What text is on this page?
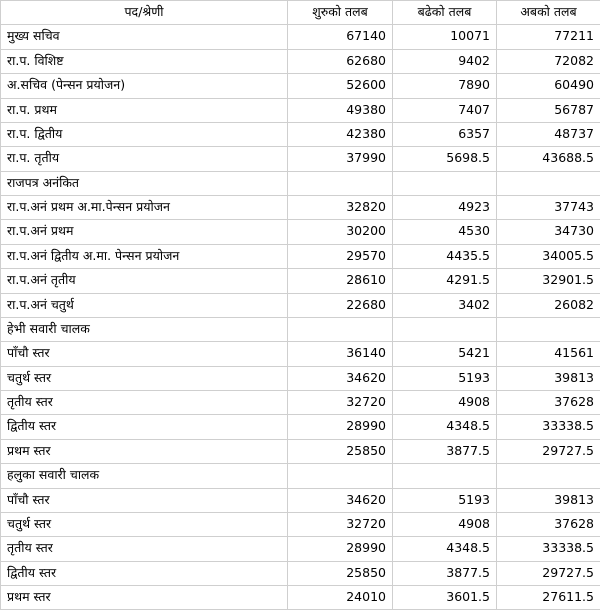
पद/श्रेणी	शुरुको तलब	बढेको तलब	अबको तलब
मुख्य सचिव	67140	10071	77211
रा.प. विशिष्ट	62680	9402	72082
अ.सचिव (पेन्सन प्रयोजन)	52600	7890	60490
रा.प. प्रथम	49380	7407	56787
रा.प. द्वितीय	42380	6357	48737
रा.प. तृतीय	37990	5698.5	43688.5
राजपत्र अनंकित			
रा.प.अनं प्रथम अ.मा.पेन्सन प्रयोजन	32820	4923	37743
रा.प.अनं प्रथम	30200	4530	34730
रा.प.अनं द्वितीय अ.मा. पेन्सन प्रयोजन	29570	4435.5	34005.5
रा.प.अनं तृतीय	28610	4291.5	32901.5
रा.प.अनं चतुर्थ	22680	3402	26082
हेभी सवारी चालक			
पाँचौ स्तर	36140	5421	41561
चतुर्थ स्तर	34620	5193	39813
तृतीय स्तर	32720	4908	37628
द्वितीय स्तर	28990	4348.5	33338.5
प्रथम स्तर	25850	3877.5	29727.5
हलुका सवारी चालक			
पाँचौ स्तर	34620	5193	39813
चतुर्थ स्तर	32720	4908	37628
तृतीय स्तर	28990	4348.5	33338.5
द्वितीय स्तर	25850	3877.5	29727.5
प्रथम स्तर	24010	3601.5	27611.5
